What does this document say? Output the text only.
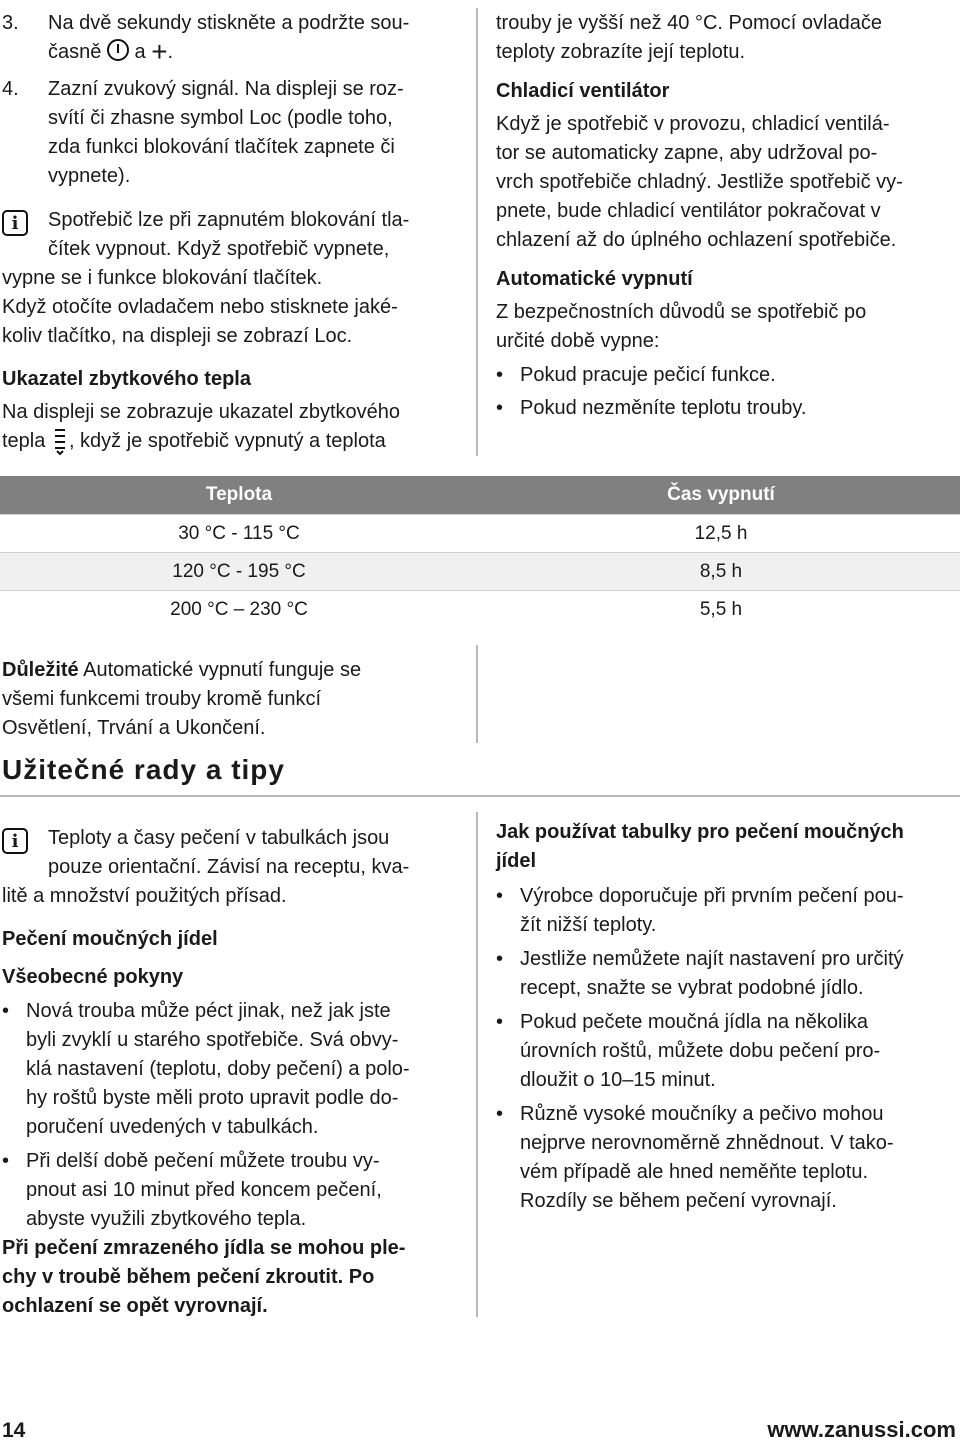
3. Na dvě sekundy stiskněte a podržte sou-
časně a +.
4. Zazní zvukový signál. Na displeji se roz-
svítí či zhasne symbol Loc (podle toho,
zda funkci blokování tlačítek zapnete či
vypnete).
i	Spotřebič lze při zapnutém blokování tla-
čítek vypnout. Když spotřebič vypnete,
vypne se i funkce blokování tlačítek.
Když otočíte ovladačem nebo stisknete jaké-
koliv tlačítko, na displeji se zobrazí Loc.

Ukazatel zbytkového tepla

Na displeji se zobrazuje ukazatel zbytkového
tepla , když je spotřebič vypnutý a teplota

trouby je vyšší než 40 °C. Pomocí ovladače
teploty zobrazíte její teplotu.

Chladicí ventilátor

Když je spotřebič v provozu, chladicí ventilá-
tor se automaticky zapne, aby udržoval po-
vrch spotřebiče chladný. Jestliže spotřebič vy-
pnete, bude chladicí ventilátor pokračovat v
chlazení až do úplného ochlazení spotřebiče.

Automatické vypnutí

Z bezpečnostních důvodů se spotřebič po
určité době vypne:

• Pokud pracuje pečicí funkce.
• Pokud nezměníte teplotu trouby.
Teplota		Čas vypnutí
30 °C - 115 °C		12,5 h
120 °C - 195 °C		8,5 h
200 °C – 230 °C		5,5 h
Důležité Automatické vypnutí funguje se
všemi funkcemi trouby kromě funkcí
Osvětlení, Trvání a Ukončení.
Užitečné rady a tipy
i	Teploty a časy pečení v tabulkách jsou
pouze orientační. Závisí na receptu, kva-
litě a množství použitých přísad.

Pečení moučných jídel

Všeobecné pokyny

• Nová trouba může péct jinak, než jak jste
byli zvyklí u starého spotřebiče. Svá obvy-
klá nastavení (teplotu, doby pečení) a polo-
hy roštů byste měli proto upravit podle do-
poručení uvedených v tabulkách.
• Při delší době pečení můžete troubu vy-
pnout asi 10 minut před koncem pečení,
abyste využili zbytkového tepla.

Při pečení zmrazeného jídla se mohou ple-
chy v troubě během pečení zkroutit. Po
ochlazení se opět vyrovnají.

Jak používat tabulky pro pečení moučných
jídel

• Výrobce doporučuje při prvním pečení pou-
žít nižší teploty.
• Jestliže nemůžete najít nastavení pro určitý
recept, snažte se vybrat podobné jídlo.
• Pokud pečete moučná jídla na několika
úrovních roštů, můžete dobu pečení pro-
dloužit o 10–15 minut.
• Různě vysoké moučníky a pečivo mohou
nejprve nerovnoměrně zhnědnout. V tako-
vém případě ale hned neměňte teplotu.
Rozdíly se během pečení vyrovnají.
14	www.zanussi.com
